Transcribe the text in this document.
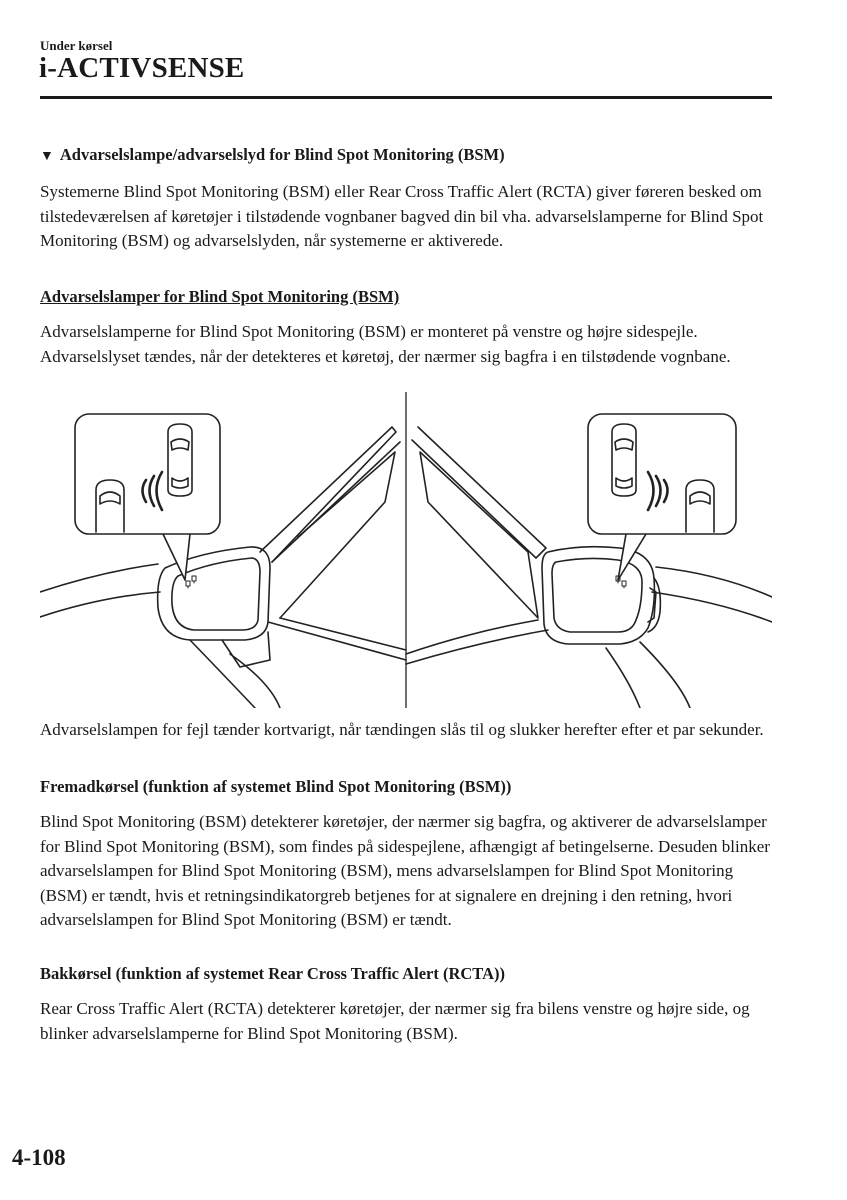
Under kørsel
i-ACTIVSENSE
▼ Advarselslampe/advarselslyd for Blind Spot Monitoring (BSM)
Systemerne Blind Spot Monitoring (BSM) eller Rear Cross Traffic Alert (RCTA) giver føreren besked om tilstedeværelsen af køretøjer i tilstødende vognbaner bagved din bil vha. advarselslamperne for Blind Spot Monitoring (BSM) og advarselslyden, når systemerne er aktiverede.
Advarselslamper for Blind Spot Monitoring (BSM)
Advarselslamperne for Blind Spot Monitoring (BSM) er monteret på venstre og højre sidespejle. Advarselslyset tændes, når der detekteres et køretøj, der nærmer sig bagfra i en tilstødende vognbane.
Advarselslampen for fejl tænder kortvarigt, når tændingen slås til og slukker herefter efter et par sekunder.
Fremadkørsel (funktion af systemet Blind Spot Monitoring (BSM))
Blind Spot Monitoring (BSM) detekterer køretøjer, der nærmer sig bagfra, og aktiverer de advarselslamper for Blind Spot Monitoring (BSM), som findes på sidespejlene, afhængigt af betingelserne. Desuden blinker advarselslampen for Blind Spot Monitoring (BSM), mens advarselslampen for Blind Spot Monitoring (BSM) er tændt, hvis et retningsindikatorgreb betjenes for at signalere en drejning i den retning, hvori advarselslampen for Blind Spot Monitoring (BSM) er tændt.
Bakkørsel (funktion af systemet Rear Cross Traffic Alert (RCTA))
Rear Cross Traffic Alert (RCTA) detekterer køretøjer, der nærmer sig fra bilens venstre og højre side, og blinker advarselslamperne for Blind Spot Monitoring (BSM).
4-108
